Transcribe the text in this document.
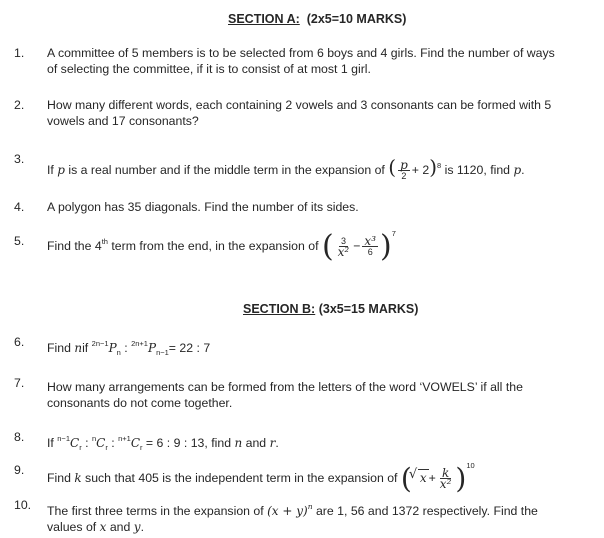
SECTION A: (2x5=10 MARKS)
1.	A committee of 5 members is to be selected from 6 boys and 4 girls. Find the number of ways
of selecting the committee, if it is to consist of at most 1 girl.
2.	How many different words, each containing 2 vowels and 3 consonants can be formed with 5
vowels and 17 consonants?
3.
If p is a real number and if the middle term in the expansion of ( $\frac{p}{2} + 2)^8$ is 1120, find p.
4.	A polygon has 35 diagonals. Find the number of its sides.
5.	Find the 4th term from the end, in the expansion of ( $\frac{3}{\text{x²}} - \frac{\text{x³}}{6} )^7$
SECTION B: (3x5=15 MARKS)
6.	Find nif $^{2n-1}P_n$ : $^{2n+1}P_{n-1}= 22$ : 7
7.	How many arrangements can be formed from the letters of the word ‘VOWELS’ if all the
consonants do not come together.
8.	If $^{n-1}C_r$ : $^nC_r$ : $^{n+1}C_r = 6$ : 9 : 13, find n and r.
9.
Find k such that 405 is the independent term in the expansion of (√ $x + \frac{k}{\text{x²}} )^{10}$
10.	The first three terms in the expansion of $(x + y)^n$ are 1, 56 and 1372 respectively. Find the
values of x and y.
